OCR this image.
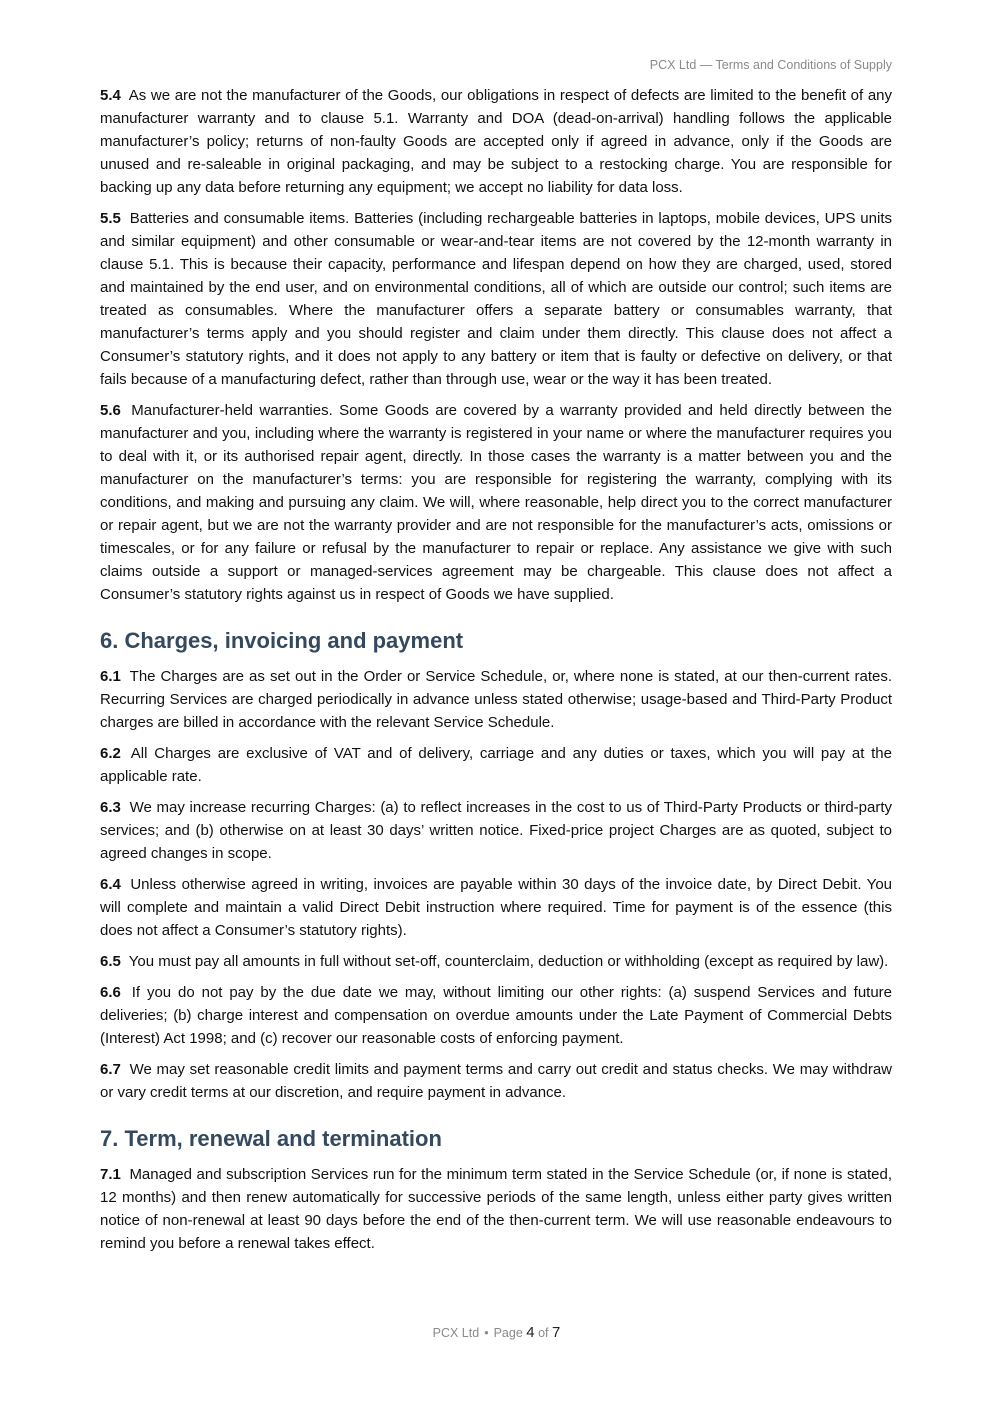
PCX Ltd — Terms and Conditions of Supply

5.4 As we are not the manufacturer of the Goods, our obligations in respect of defects are limited to the benefit of any manufacturer warranty and to clause 5.1. Warranty and DOA (dead-on-arrival) handling follows the applicable manufacturer’s policy; returns of non-faulty Goods are accepted only if agreed in advance, only if the Goods are unused and re-saleable in original packaging, and may be subject to a restocking charge. You are responsible for backing up any data before returning any equipment; we accept no liability for data loss.

5.5 Batteries and consumable items. Batteries (including rechargeable batteries in laptops, mobile devices, UPS units and similar equipment) and other consumable or wear-and-tear items are not covered by the 12-month warranty in clause 5.1. This is because their capacity, performance and lifespan depend on how they are charged, used, stored and maintained by the end user, and on environmental conditions, all of which are outside our control; such items are treated as consumables. Where the manufacturer offers a separate battery or consumables warranty, that manufacturer’s terms apply and you should register and claim under them directly. This clause does not affect a Consumer’s statutory rights, and it does not apply to any battery or item that is faulty or defective on delivery, or that fails because of a manufacturing defect, rather than through use, wear or the way it has been treated.

5.6 Manufacturer-held warranties. Some Goods are covered by a warranty provided and held directly between the manufacturer and you, including where the warranty is registered in your name or where the manufacturer requires you to deal with it, or its authorised repair agent, directly. In those cases the warranty is a matter between you and the manufacturer on the manufacturer’s terms: you are responsible for registering the warranty, complying with its conditions, and making and pursuing any claim. We will, where reasonable, help direct you to the correct manufacturer or repair agent, but we are not the warranty provider and are not responsible for the manufacturer’s acts, omissions or timescales, or for any failure or refusal by the manufacturer to repair or replace. Any assistance we give with such claims outside a support or managed-services agreement may be chargeable. This clause does not affect a Consumer’s statutory rights against us in respect of Goods we have supplied.

6. Charges, invoicing and payment

6.1 The Charges are as set out in the Order or Service Schedule, or, where none is stated, at our then-current rates. Recurring Services are charged periodically in advance unless stated otherwise; usage-based and Third-Party Product charges are billed in accordance with the relevant Service Schedule.

6.2 All Charges are exclusive of VAT and of delivery, carriage and any duties or taxes, which you will pay at the applicable rate.

6.3 We may increase recurring Charges: (a) to reflect increases in the cost to us of Third-Party Products or third-party services; and (b) otherwise on at least 30 days’ written notice. Fixed-price project Charges are as quoted, subject to agreed changes in scope.

6.4 Unless otherwise agreed in writing, invoices are payable within 30 days of the invoice date, by Direct Debit. You will complete and maintain a valid Direct Debit instruction where required. Time for payment is of the essence (this does not affect a Consumer’s statutory rights).

6.5 You must pay all amounts in full without set-off, counterclaim, deduction or withholding (except as required by law).

6.6 If you do not pay by the due date we may, without limiting our other rights: (a) suspend Services and future deliveries; (b) charge interest and compensation on overdue amounts under the Late Payment of Commercial Debts (Interest) Act 1998; and (c) recover our reasonable costs of enforcing payment.

6.7 We may set reasonable credit limits and payment terms and carry out credit and status checks. We may withdraw or vary credit terms at our discretion, and require payment in advance.

7. Term, renewal and termination

7.1 Managed and subscription Services run for the minimum term stated in the Service Schedule (or, if none is stated, 12 months) and then renew automatically for successive periods of the same length, unless either party gives written notice of non-renewal at least 90 days before the end of the then-current term. We will use reasonable endeavours to remind you before a renewal takes effect.

PCX Ltd • Page 4 of 7
